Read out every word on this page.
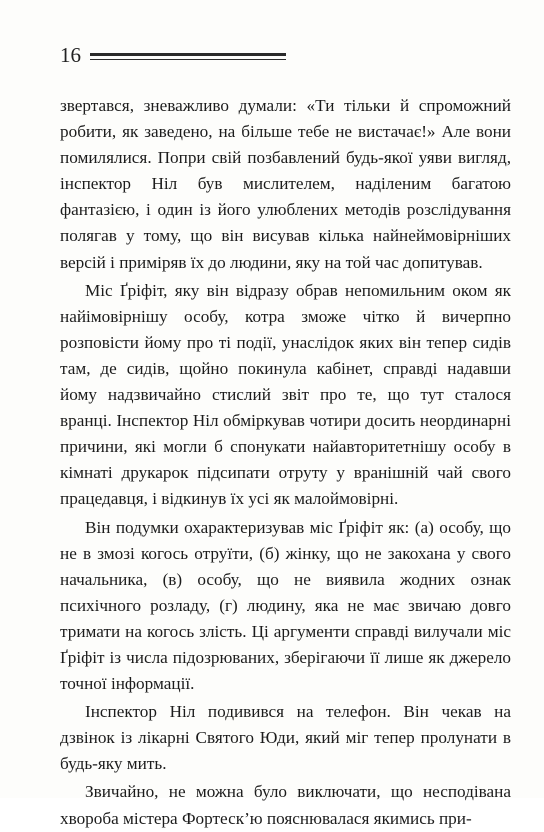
16

звертався, зневажливо думали: «Ти тільки й спроможний робити, як заведено, на більше тебе не вистачає!» Але вони помилялися. Попри свій позбавлений будь-якої уяви вигляд, інспектор Ніл був мислителем, наділеним багатою фантазією, і один із його улюблених методів розслідування полягав у тому, що він висував кілька найнеймовірніших версій і приміряв їх до людини, яку на той час допитував.

Міс Ґріфіт, яку він відразу обрав непомильним оком як найімовірнішу особу, котра зможе чітко й вичерпно розповісти йому про ті події, унаслідок яких він тепер сидів там, де сидів, щойно покинула кабінет, справді надавши йому надзвичайно стислий звіт про те, що тут сталося вранці. Інспектор Ніл обміркував чотири досить неординарні причини, які могли б спонукати найавторитетнішу особу в кімнаті друкарок підсипати отруту у вранішній чай свого працедавця, і відкинув їх усі як малоймовірні.

Він подумки охарактеризував міс Ґріфіт як: (а) особу, що не в змозі когось отруїти, (б) жінку, що не закохана у свого начальника, (в) особу, що не виявила жодних ознак психічного розладу, (г) людину, яка не має звичаю довго тримати на когось злість. Ці аргументи справді вилучали міс Ґріфіт із числа підозрюваних, зберігаючи її лише як джерело точної інформації.

Інспектор Ніл подивився на телефон. Він чекав на дзвінок із лікарні Святого Юди, який міг тепер пролунати в будь-яку мить.

Звичайно, не можна було виключати, що несподівана хвороба містера Фортеск’ю пояснювалася якимись при-
